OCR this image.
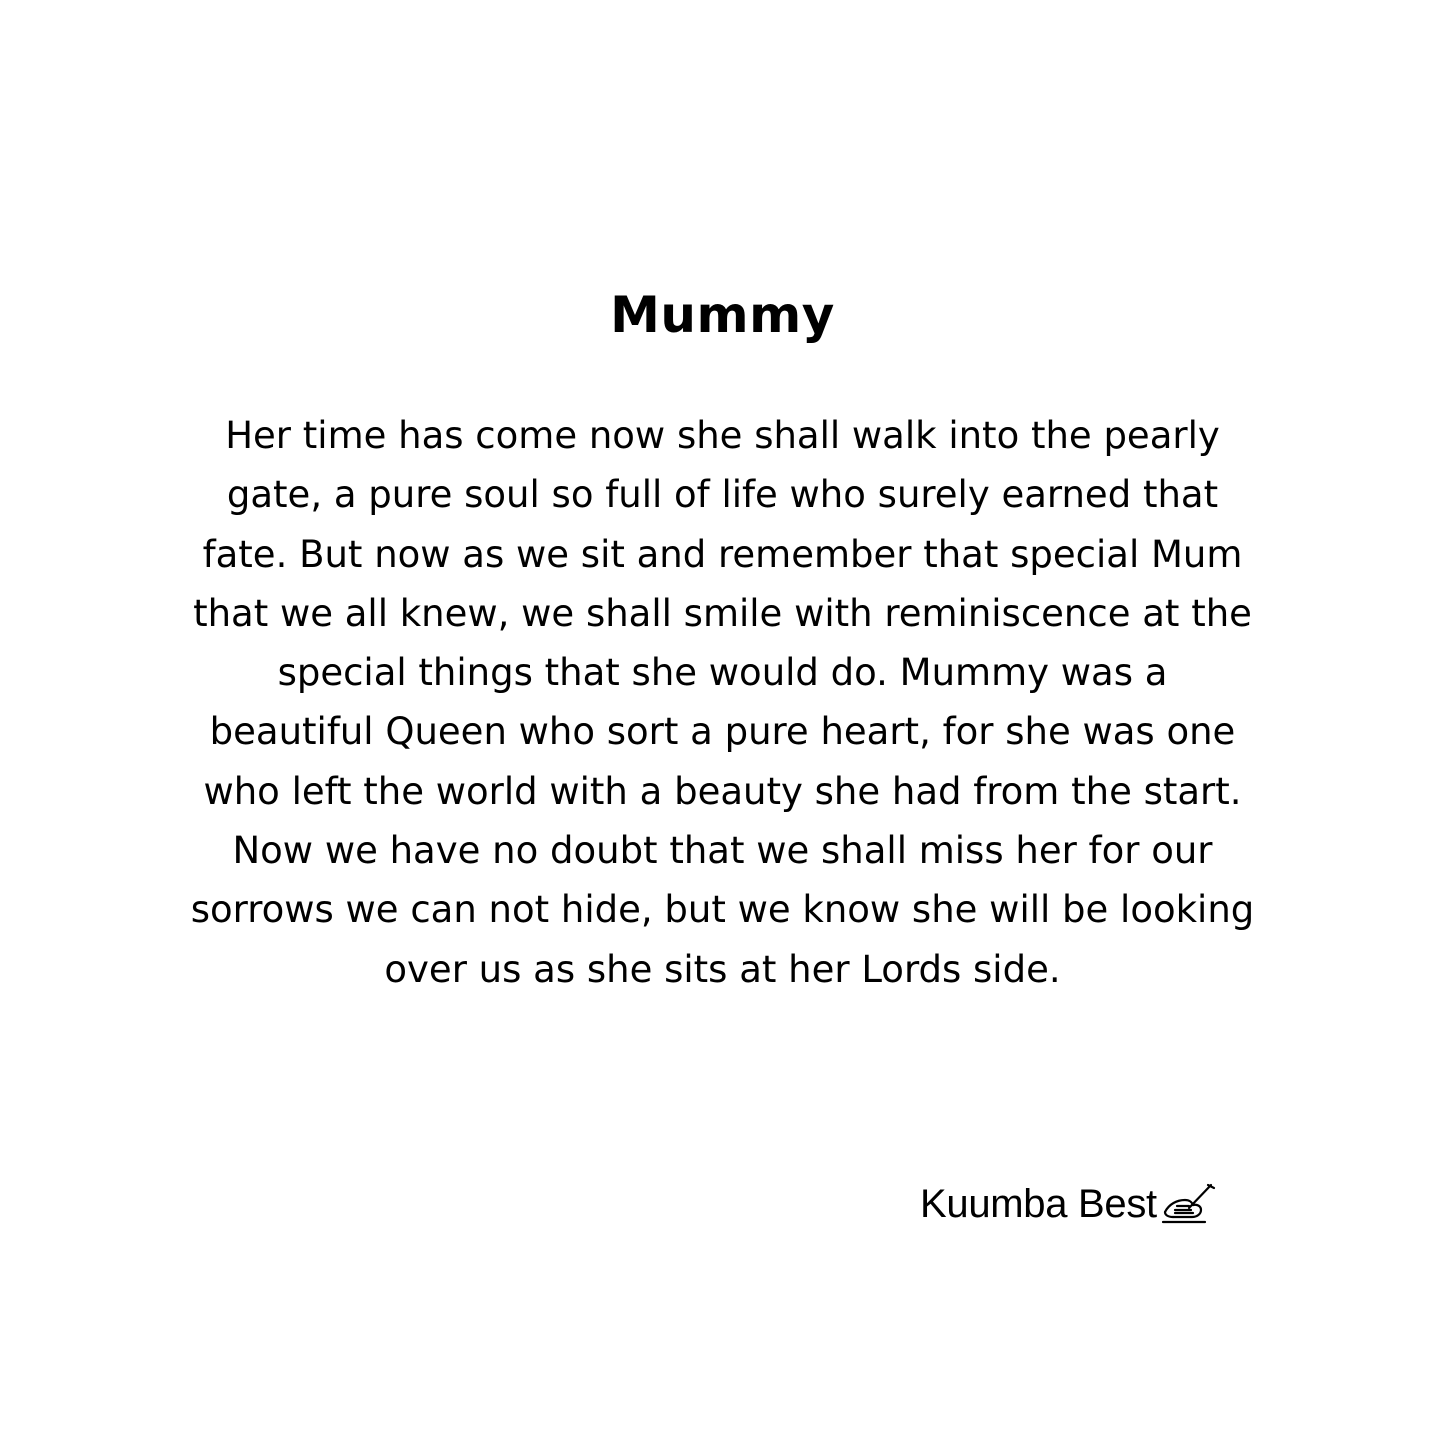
Mummy
Her time has come now she shall walk into the pearly
gate, a pure soul so full of life who surely earned that
fate. But now as we sit and remember that special Mum
that we all knew, we shall smile with reminiscence at the
special things that she would do. Mummy was a
beautiful Queen who sort a pure heart, for she was one
who left the world with a beauty she had from the start.
Now we have no doubt that we shall miss her for our
sorrows we can not hide, but we know she will be looking
over us as she sits at her Lords side.
Kuumba Best
